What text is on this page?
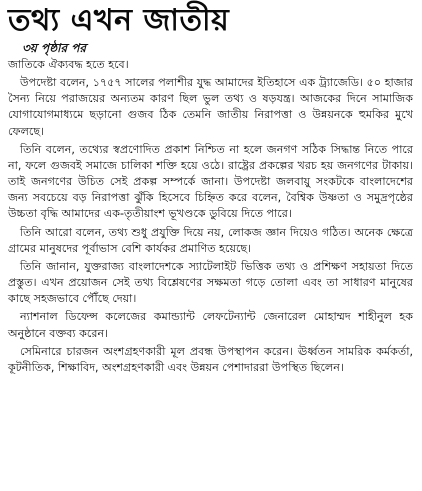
তথ্য এখন জাতীয়
৩য় পৃষ্ঠার পর

জাতিকে ঐক্যবদ্ধ হতে হবে।

উপদেষ্টা বলেন, ১৭৫৭ সালের পলাশীর যুদ্ধ আমাদের ইতিহাসে এক ট্র্যাজেডি। ৫০ হাজার সৈন্য নিয়ে পরাজয়ের অন্যতম কারণ ছিল ভুল তথ্য ও ষড়যন্ত্র। আজকের দিনে সামাজিক যোগাযোগমাধ্যমে ছড়ানো গুজব ঠিক তেমনি জাতীয় নিরাপত্তা ও উন্নয়নকে হুমকির মুখে ফেলছে।

তিনি বলেন, তথ্যের স্বপ্রণোদিত প্রকাশ নিশ্চিত না হলে জনগণ সঠিক সিদ্ধান্ত নিতে পারে না, ফলে গুজবই সমাজে চালিকা শক্তি হয়ে ওঠে। রাষ্ট্রের প্রকল্পের খরচ হয় জনগণের টাকায়। তাই জনগণের উচিত সেই প্রকল্প সম্পর্কে জানা। উপদেষ্টা জলবায়ু সংকটকে বাংলাদেশের জন্য সবচেয়ে বড় নিরাপত্তা ঝুঁকি হিসেবে চিহ্নিত করে বলেন, বৈশ্বিক উষ্ণতা ও সমুদ্রপৃষ্ঠের উচ্চতা বৃদ্ধি আমাদের এক-তৃতীয়াংশ ভূখণ্ডকে ডুবিয়ে দিতে পারে।

তিনি আরো বলেন, তথ্য শুধু প্রযুক্তি দিয়ে নয়, লোকজ জ্ঞান দিয়েও গঠিত। অনেক ক্ষেত্রে গ্রামের মানুষদের পূর্বাভাস বেশি কার্যকর প্রমাণিত হয়েছে।

তিনি জানান, যুক্তরাজ্য বাংলাদেশকে স্যাটেলাইট ভিত্তিক তথ্য ও প্রশিক্ষণ সহায়তা দিতে প্রস্তুত। এখন প্রয়োজন সেই তথ্য বিশ্লেষণের সক্ষমতা গড়ে তোলা এবং তা সাধারণ মানুষের কাছে সহজভাবে পৌঁছে দেয়া।

ন্যাশনাল ডিফেন্স কলেজের কমান্ড্যান্ট লেফটেন্যান্ট জেনারেল মোহাম্মদ শাহীনুল হক অনুষ্ঠানে বক্তব্য করেন।

সেমিনারে চারজন অংশগ্রহণকারী মূল প্রবন্ধ উপস্থাপন করেন। ঊর্ধ্বতন সামরিক কর্মকর্তা, কূটনীতিক, শিক্ষাবিদ, অংশগ্রহণকারী এবং উন্নয়ন পেশাদাররা উপস্থিত ছিলেন।
